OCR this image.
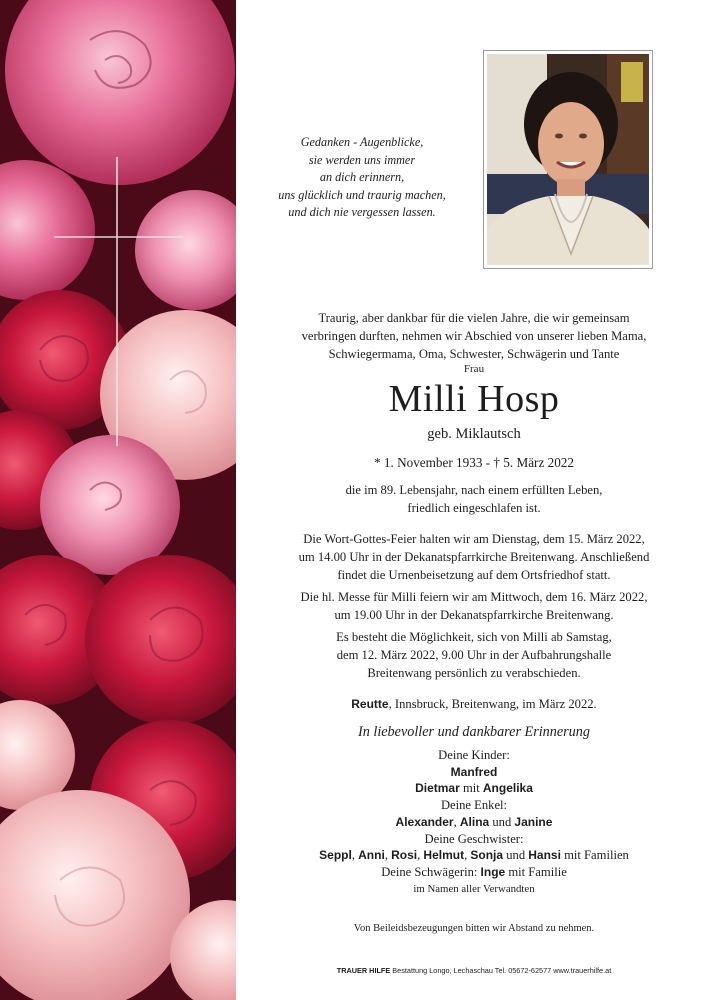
Gedanken - Augenblicke,
sie werden uns immer
an dich erinnern,
uns glücklich und traurig machen,
und dich nie vergessen lassen.
Traurig, aber dankbar für die vielen Jahre, die wir gemeinsam
verbringen durften, nehmen wir Abschied von unserer lieben Mama,
Schwiegermama, Oma, Schwester, Schwägerin und Tante
Frau
Milli Hosp
geb. Miklautsch
* 1. November 1933 - † 5. März 2022
die im 89. Lebensjahr, nach einem erfüllten Leben,
friedlich eingeschlafen ist.
Die Wort-Gottes-Feier halten wir am Dienstag, dem 15. März 2022,
um 14.00 Uhr in der Dekanatspfarrkirche Breitenwang. Anschließend
findet die Urnenbeisetzung auf dem Ortsfriedhof statt.
Die hl. Messe für Milli feiern wir am Mittwoch, dem 16. März 2022,
um 19.00 Uhr in der Dekanatspfarrkirche Breitenwang.
Es besteht die Möglichkeit, sich von Milli ab Samstag,
dem 12. März 2022, 9.00 Uhr in der Aufbahrungshalle
Breitenwang persönlich zu verabschieden.
Reutte, Innsbruck, Breitenwang, im März 2022.
In liebevoller und dankbarer Erinnerung
Deine Kinder:
Manfred
Dietmar mit Angelika
Deine Enkel:
Alexander, Alina und Janine
Deine Geschwister:
Seppl, Anni, Rosi, Helmut, Sonja und Hansi mit Familien
Deine Schwägerin: Inge mit Familie
im Namen aller Verwandten
Von Beileidsbezeugungen bitten wir Abstand zu nehmen.
TRAUER HILFE Bestattung Longo, Lechaschau Tel. 05672-62577 www.trauerhilfe.at
